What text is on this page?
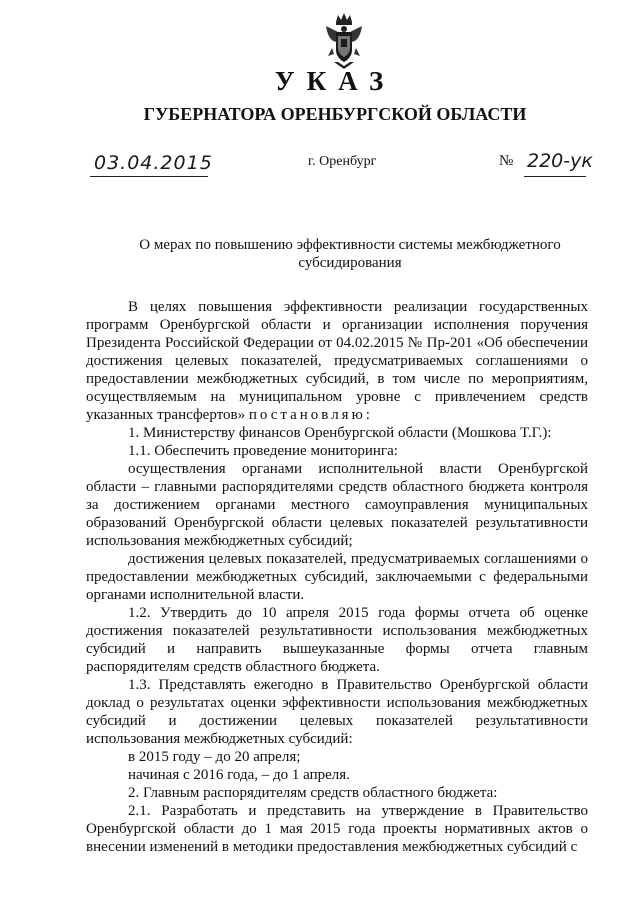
УКАЗ
ГУБЕРНАТОРА ОРЕНБУРГСКОЙ ОБЛАСТИ
03.04.2015	г. Оренбург	№ 220-ук
О мерах по повышению эффективности системы межбюджетного субсидирования

В целях повышения эффективности реализации государственных программ Оренбургской области и организации исполнения поручения Президента Российской Федерации от 04.02.2015 № Пр-201 «Об обеспечении достижения целевых показателей, предусматриваемых соглашениями о предоставлении межбюджетных субсидий, в том числе по мероприятиям, осуществляемым на муниципальном уровне с привлечением средств указанных трансфертов» постановляю:

1. Министерству финансов Оренбургской области (Мошкова Т.Г.):

1.1. Обеспечить проведение мониторинга:

осуществления органами исполнительной власти Оренбургской области – главными распорядителями средств областного бюджета контроля за достижением органами местного самоуправления муниципальных образований Оренбургской области целевых показателей результативности использования межбюджетных субсидий;

достижения целевых показателей, предусматриваемых соглашениями о предоставлении межбюджетных субсидий, заключаемыми с федеральными органами исполнительной власти.

1.2. Утвердить до 10 апреля 2015 года формы отчета об оценке достижения показателей результативности использования межбюджетных субсидий и направить вышеуказанные формы отчета главным распорядителям средств областного бюджета.

1.3. Представлять ежегодно в Правительство Оренбургской области доклад о результатах оценки эффективности использования межбюджетных субсидий и достижении целевых показателей результативности использования межбюджетных субсидий:

в 2015 году – до 20 апреля;

начиная с 2016 года, – до 1 апреля.

2. Главным распорядителям средств областного бюджета:

2.1. Разработать и представить на утверждение в Правительство Оренбургской области до 1 мая 2015 года проекты нормативных актов о внесении изменений в методики предоставления межбюджетных субсидий с
